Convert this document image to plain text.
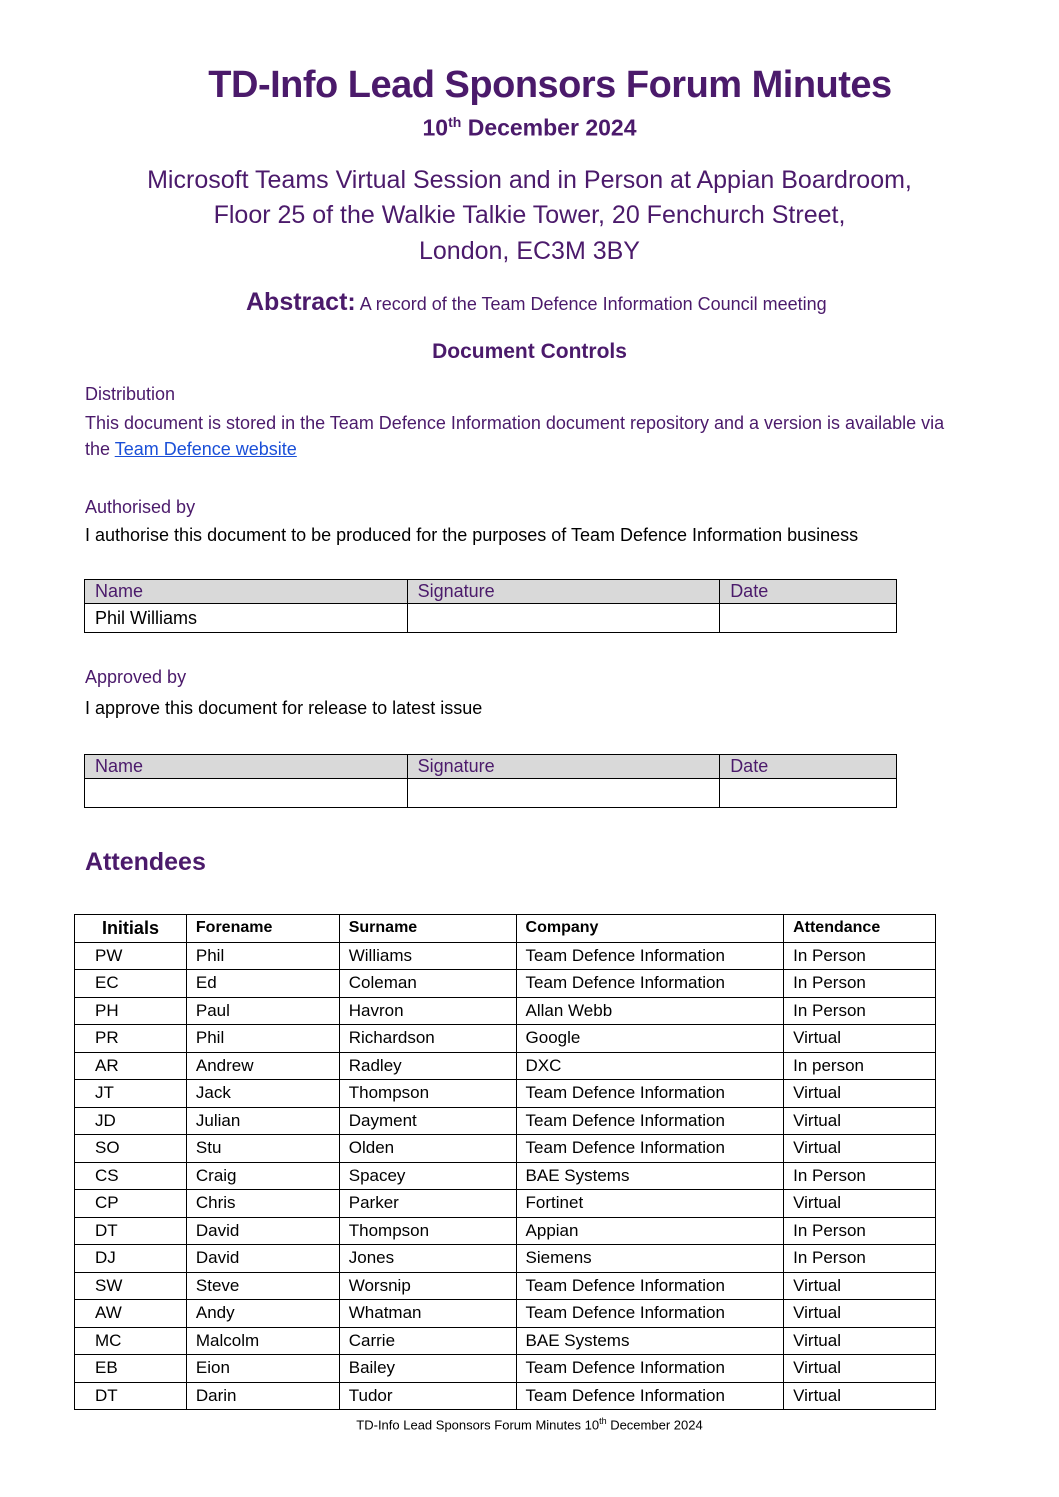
TD-Info Lead Sponsors Forum Minutes
10th December 2024
Microsoft Teams Virtual Session and in Person at Appian Boardroom,
Floor 25 of the Walkie Talkie Tower, 20 Fenchurch Street,
London, EC3M 3BY
Abstract: A record of the Team Defence Information Council meeting
Document Controls
Distribution
This document is stored in the Team Defence Information document repository and a version is available via the Team Defence website
Authorised by
I authorise this document to be produced for the purposes of Team Defence Information business
Name	Signature	Date
Phil Williams		
Approved by
I approve this document for release to latest issue
Name	Signature	Date

Attendees
Initials	Forename	Surname	Company	Attendance
PW	Phil	Williams	Team Defence Information	In Person
EC	Ed	Coleman	Team Defence Information	In Person
PH	Paul	Havron	Allan Webb	In Person
PR	Phil	Richardson	Google	Virtual
AR	Andrew	Radley	DXC	In person
JT	Jack	Thompson	Team Defence Information	Virtual
JD	Julian	Dayment	Team Defence Information	Virtual
SO	Stu	Olden	Team Defence Information	Virtual
CS	Craig	Spacey	BAE Systems	In Person
CP	Chris	Parker	Fortinet	Virtual
DT	David	Thompson	Appian	In Person
DJ	David	Jones	Siemens	In Person
SW	Steve	Worsnip	Team Defence Information	Virtual
AW	Andy	Whatman	Team Defence Information	Virtual
MC	Malcolm	Carrie	BAE Systems	Virtual
EB	Eion	Bailey	Team Defence Information	Virtual
DT	Darin	Tudor	Team Defence Information	Virtual
TD-Info Lead Sponsors Forum Minutes 10th December 2024
